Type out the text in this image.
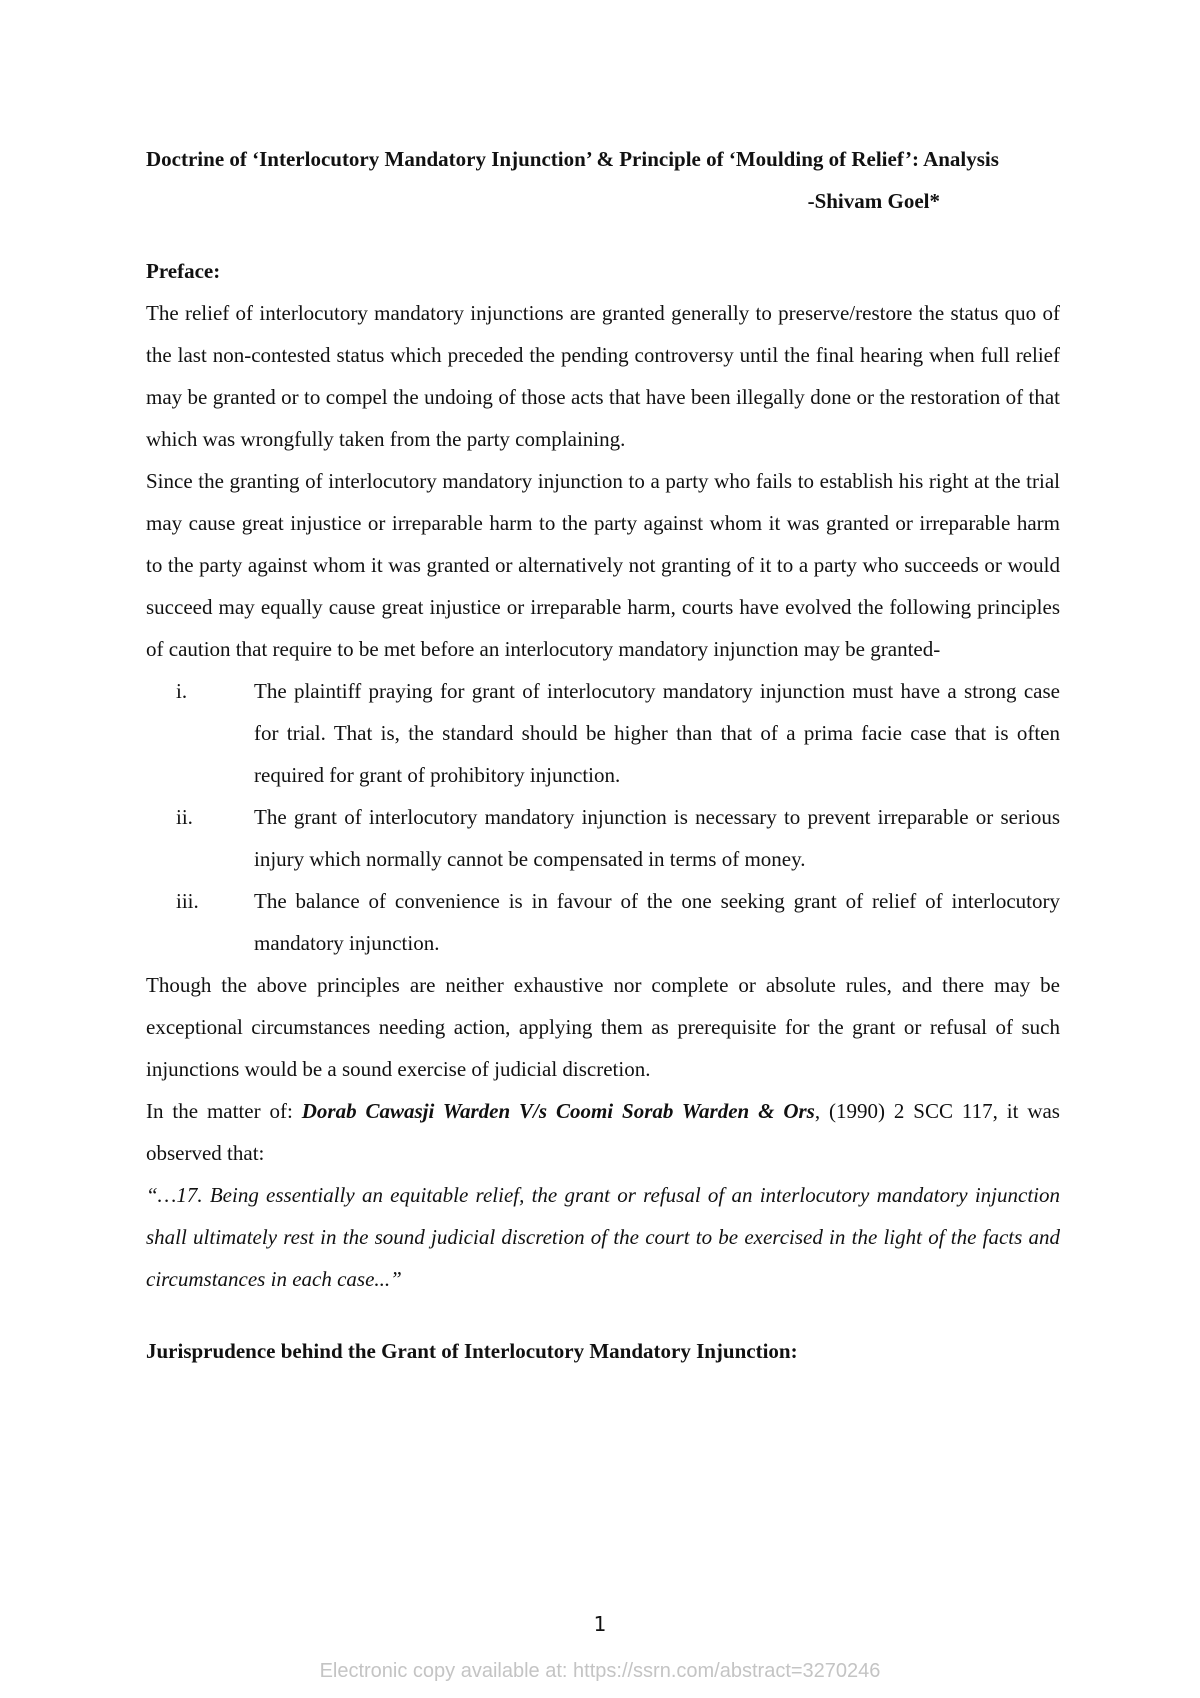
Doctrine of ‘Interlocutory Mandatory Injunction’ & Principle of ‘Moulding of Relief’: Analysis

-Shivam Goel*

Preface:

The relief of interlocutory mandatory injunctions are granted generally to preserve/restore the status quo of the last non-contested status which preceded the pending controversy until the final hearing when full relief may be granted or to compel the undoing of those acts that have been illegally done or the restoration of that which was wrongfully taken from the party complaining.

Since the granting of interlocutory mandatory injunction to a party who fails to establish his right at the trial may cause great injustice or irreparable harm to the party against whom it was granted or irreparable harm to the party against whom it was granted or alternatively not granting of it to a party who succeeds or would succeed may equally cause great injustice or irreparable harm, courts have evolved the following principles of caution that require to be met before an interlocutory mandatory injunction may be granted-

i.	The plaintiff praying for grant of interlocutory mandatory injunction must have a strong case for trial. That is, the standard should be higher than that of a prima facie case that is often required for grant of prohibitory injunction.
ii.	The grant of interlocutory mandatory injunction is necessary to prevent irreparable or serious injury which normally cannot be compensated in terms of money.
iii.	The balance of convenience is in favour of the one seeking grant of relief of interlocutory mandatory injunction.

Though the above principles are neither exhaustive nor complete or absolute rules, and there may be exceptional circumstances needing action, applying them as prerequisite for the grant or refusal of such injunctions would be a sound exercise of judicial discretion.

In the matter of: Dorab Cawasji Warden V/s Coomi Sorab Warden & Ors, (1990) 2 SCC 117, it was observed that:

“…17. Being essentially an equitable relief, the grant or refusal of an interlocutory mandatory injunction shall ultimately rest in the sound judicial discretion of the court to be exercised in the light of the facts and circumstances in each case...”

Jurisprudence behind the Grant of Interlocutory Mandatory Injunction:

1
Electronic copy available at: https://ssrn.com/abstract=3270246
